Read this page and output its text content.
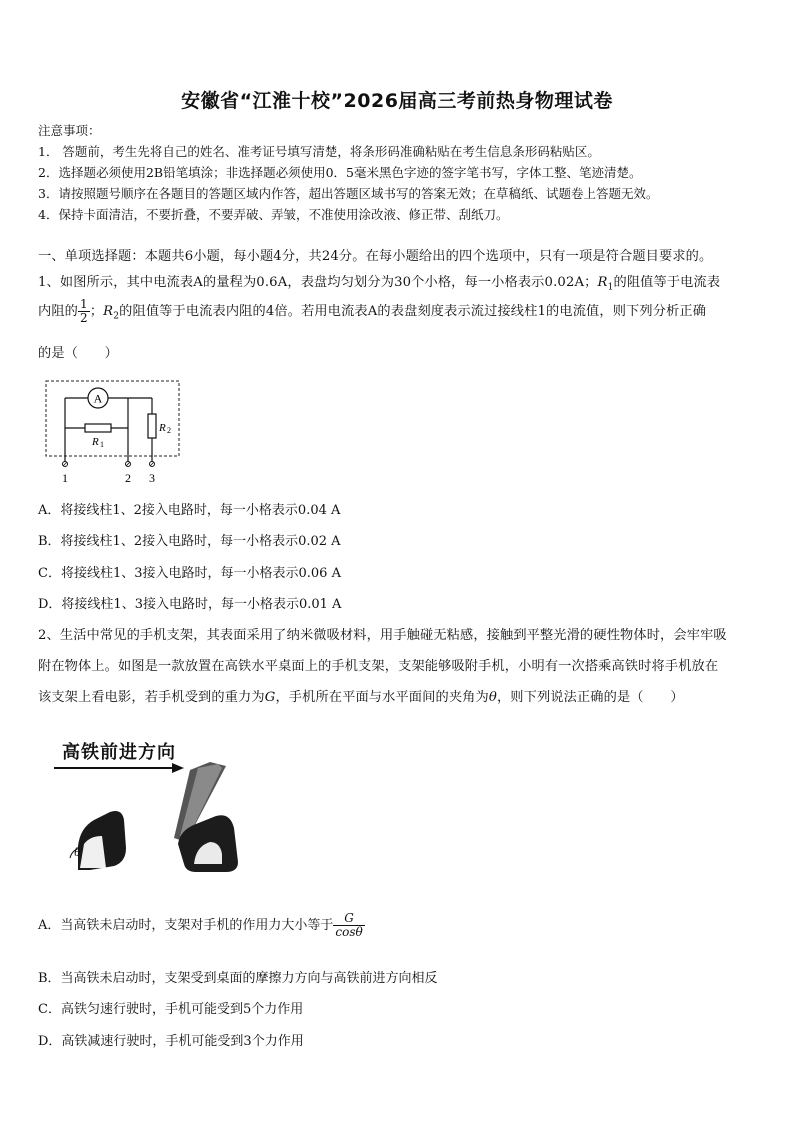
安徽省“江淮十校”2026届高三考前热身物理试卷
注意事项：
1． 答题前，考生先将自己的姓名、准考证号填写清楚，将条形码准确粘贴在考生信息条形码粘贴区。
2．选择题必须使用2B铅笔填涂；非选择题必须使用0．5毫米黑色字迹的签字笔书写，字体工整、笔迹清楚。
3．请按照题号顺序在各题目的答题区域内作答，超出答题区域书写的答案无效；在草稿纸、试题卷上答题无效。
4．保持卡面清洁，不要折叠，不要弄破、弄皱，不准使用涂改液、修正带、刮纸刀。
一、单项选择题：本题共6小题，每小题4分，共24分。在每小题给出的四个选项中，只有一项是符合题目要求的。
1、如图所示，其中电流表A的量程为0.6A，表盘均匀划分为30个小格，每一小格表示0.02A；$R_1$的阻值等于电流表
内阻的 $\frac{1}{2}$ ；$R_2$的阻值等于电流表内阻的4倍。若用电流表A的表盘刻度表示流过接线柱1的电流值，则下列分析正确
的是（　　）
A
R 1
R 2
1	2 3
A．将接线柱1、2接入电路时，每一小格表示0.04 A
B．将接线柱1、2接入电路时，每一小格表示0.02 A
C．将接线柱1、3接入电路时，每一小格表示0.06 A
D．将接线柱1、3接入电路时，每一小格表示0.01 A
2、生活中常见的手机支架，其表面采用了纳米微吸材料，用手触碰无粘感，接触到平整光滑的硬性物体时，会牢牢吸
附在物体上。如图是一款放置在高铁水平桌面上的手机支架，支架能够吸附手机，小明有一次搭乘高铁时将手机放在
该支架上看电影，若手机受到的重力为G，手机所在平面与水平面间的夹角为θ，则下列说法正确的是（　　）
高铁前进方向
θ
A．当高铁未启动时，支架对手机的作用力大小等于 $\frac{G}{\cos\theta}$
B．当高铁未启动时，支架受到桌面的摩擦力方向与高铁前进方向相反
C．高铁匀速行驶时，手机可能受到5个力作用
D．高铁减速行驶时，手机可能受到3个力作用
